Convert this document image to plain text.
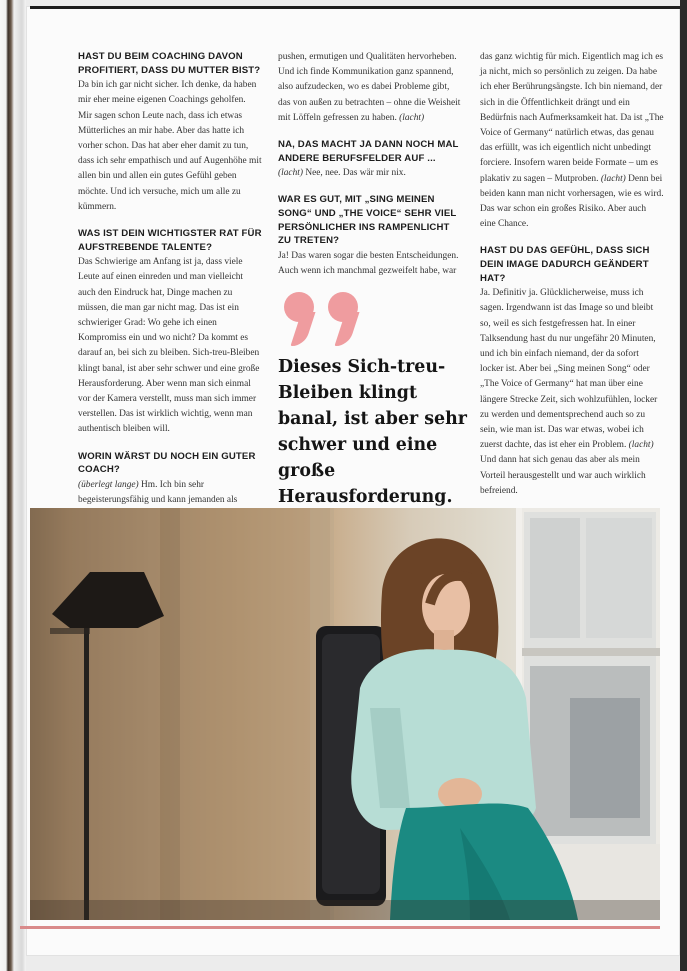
HAST DU BEIM COACHING DAVON PROFITIERT, DASS DU MUTTER BIST?

Da bin ich gar nicht sicher. Ich denke, da haben mir eher meine eigenen Coachings geholfen. Mir sagen schon Leute nach, dass ich etwas Mütterliches an mir habe. Aber das hatte ich vorher schon. Das hat aber eher damit zu tun, dass ich sehr empathisch und auf Augenhöhe mit allen bin und allen ein gutes Gefühl geben möchte. Und ich versuche, mich um alle zu kümmern.

WAS IST DEIN WICHTIGSTER RAT FÜR AUFSTREBENDE TALENTE?

Das Schwierige am Anfang ist ja, dass viele Leute auf einen einreden und man vielleicht auch den Eindruck hat, Dinge machen zu müssen, die man gar nicht mag. Das ist ein schwieriger Grad: Wo gehe ich einen Kompromiss ein und wo nicht? Da kommt es darauf an, bei sich zu bleiben. Sich-treu-Bleiben klingt banal, ist aber sehr schwer und eine große Herausforderung. Aber wenn man sich einmal vor der Kamera verstellt, muss man sich immer verstellen. Das ist wirklich wichtig, wenn man authentisch bleiben will.

WORIN WÄRST DU NOCH EIN GUTER COACH?

(überlegt lange) Hm. Ich bin sehr begeisterungsfähig und kann jemanden als

pushen, ermutigen und Qualitäten hervorheben. Und ich finde Kommunikation ganz spannend, also aufzudecken, wo es dabei Probleme gibt, das von außen zu betrachten – ohne die Weisheit mit Löffeln gefressen zu haben. (lacht)

NA, DAS MACHT JA DANN NOCH MAL ANDERE BERUFSFELDER AUF ...

(lacht) Nee, nee. Das wär mir nix.

WAR ES GUT, MIT „SING MEINEN SONG“ UND „THE VOICE“ SEHR VIEL PERSÖNLICHER INS RAMPENLICHT ZU TRETEN?

Ja! Das waren sogar die besten Entscheidungen. Auch wenn ich manchmal gezweifelt habe, war

Dieses Sich-treu-Bleiben klingt banal, ist aber sehr schwer und eine große Herausforderung.

das ganz wichtig für mich. Eigentlich mag ich es ja nicht, mich so persönlich zu zeigen. Da habe ich eher Berührungsängste. Ich bin niemand, der sich in die Öffentlichkeit drängt und ein Bedürfnis nach Aufmerksamkeit hat. Da ist „The Voice of Germany“ natürlich etwas, das genau das erfüllt, was ich eigentlich nicht unbedingt forciere. Insofern waren beide Formate – um es plakativ zu sagen – Mutproben. (lacht) Denn bei beiden kann man nicht vorhersagen, wie es wird. Das war schon ein großes Risiko. Aber auch eine Chance.

HAST DU DAS GEFÜHL, DASS SICH DEIN IMAGE DADURCH GEÄNDERT HAT?

Ja. Definitiv ja. Glücklicherweise, muss ich sagen. Irgendwann ist das Image so und bleibt so, weil es sich festgefressen hat. In einer Talksendung hast du nur ungefähr 20 Minuten, und ich bin einfach niemand, der da sofort locker ist. Aber bei „Sing meinen Song“ oder „The Voice of Germany“ hat man über eine längere Strecke Zeit, sich wohlzufühlen, locker zu werden und dementsprechend auch so zu sein, wie man ist. Das war etwas, wobei ich zuerst dachte, das ist eher ein Problem. (lacht) Und dann hat sich genau das aber als mein Vorteil herausgestellt und war auch wirklich befreiend.
